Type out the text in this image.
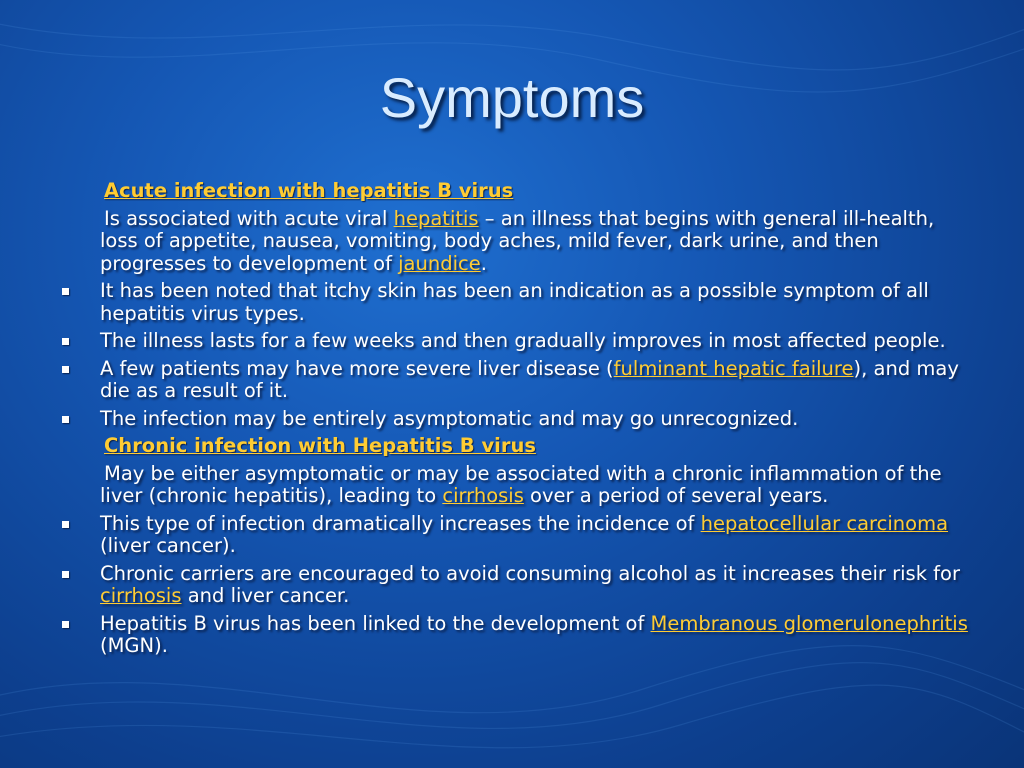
Symptoms
Acute infection with hepatitis B virus
Is associated with acute viral hepatitis – an illness that begins with general ill-health, loss of appetite, nausea, vomiting, body aches, mild fever, dark urine, and then progresses to development of jaundice.
It has been noted that itchy skin has been an indication as a possible symptom of all hepatitis virus types.
The illness lasts for a few weeks and then gradually improves in most affected people.
A few patients may have more severe liver disease (fulminant hepatic failure), and may die as a result of it.
The infection may be entirely asymptomatic and may go unrecognized.
Chronic infection with Hepatitis B virus
May be either asymptomatic or may be associated with a chronic inflammation of the liver (chronic hepatitis), leading to cirrhosis over a period of several years.
This type of infection dramatically increases the incidence of hepatocellular carcinoma (liver cancer).
Chronic carriers are encouraged to avoid consuming alcohol as it increases their risk for cirrhosis and liver cancer.
Hepatitis B virus has been linked to the development of Membranous glomerulonephritis (MGN).
